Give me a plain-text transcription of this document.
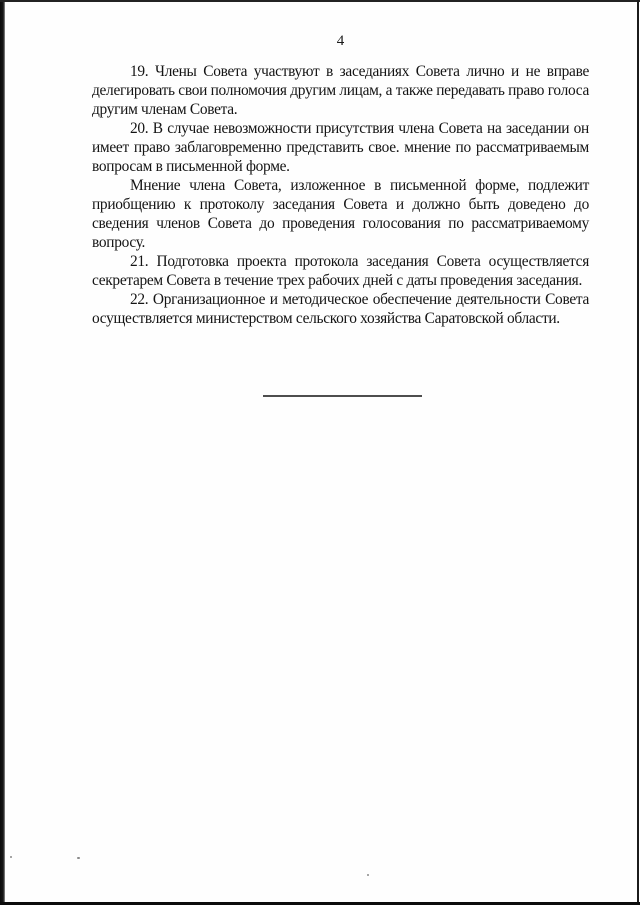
4

19. Члены Совета участвуют в заседаниях Совета лично и не вправе делегировать свои полномочия другим лицам, а также передавать право голоса другим членам Совета.

20. В случае невозможности присутствия члена Совета на заседании он имеет право заблаговременно представить свое. мнение по рассматриваемым вопросам в письменной форме.

Мнение члена Совета, изложенное в письменной форме, подлежит приобщению к протоколу заседания Совета и должно быть доведено до сведения членов Совета до проведения голосования по рассматриваемому вопросу.

21. Подготовка проекта протокола заседания Совета осуществляется секретарем Совета в течение трех рабочих дней с даты проведения заседания.

22. Организационное и методическое обеспечение деятельности Совета осуществляется министерством сельского хозяйства Саратовской области.
